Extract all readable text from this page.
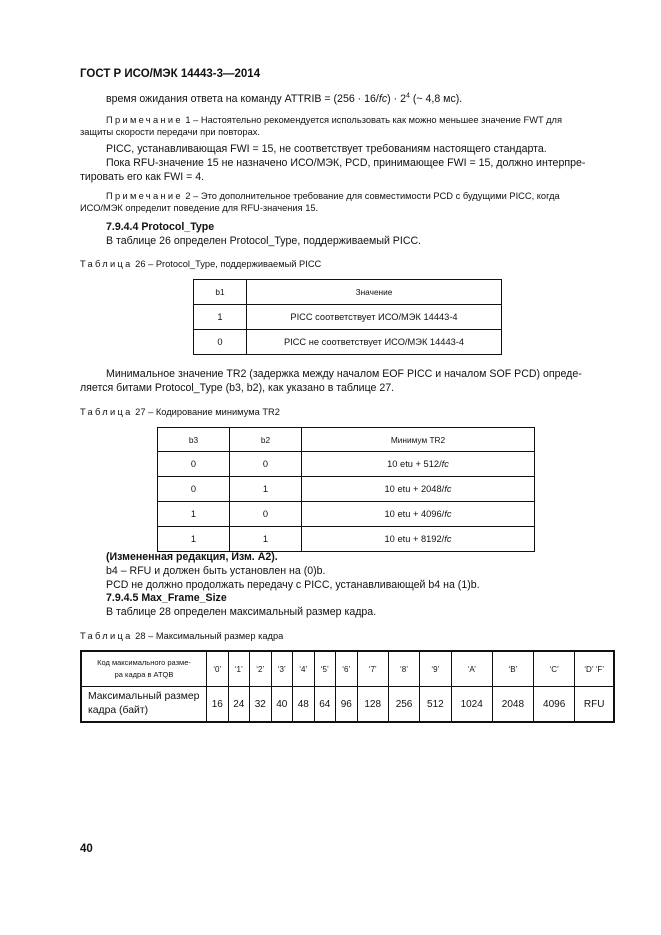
ГОСТ Р ИСО/МЭК 14443-3—2014
время ожидания ответа на команду ATTRIB = $(256 \cdot 16/fc) \cdot 2^4$ (~ 4,8 мс).
Примечание 1 – Настоятельно рекомендуется использовать как можно меньшее значение FWT для
защиты скорости передачи при повторах.
PICC, устанавливающая FWI = 15, не соответствует требованиям настоящего стандарта.
Пока RFU-значение 15 не назначено ИСО/МЭК, PCD, принимающее FWI = 15, должно интерпре-
тировать его как FWI = 4.
Примечание 2 – Это дополнительное требование для совместимости PCD с будущими PICC, когда
ИСО/МЭК определит поведение для RFU-значения 15.
7.9.4.4 Protocol_Type
В таблице 26 определен Protocol_Type, поддерживаемый PICC.
Таблица 26 – Protocol_Type, поддерживаемый PICC
b1	Значение
1	PICC соответствует ИСО/МЭК 14443-4
0	PICC не соответствует ИСО/МЭК 14443-4
Минимальное значение TR2 (задержка между началом EOF PICC и началом SOF PCD) опреде-
ляется битами Protocol_Type (b3, b2), как указано в таблице 27.
Таблица 27 – Кодирование минимума TR2
b3	b2	Минимум TR2
0	0	10 etu + 512/fc
0	1	10 etu + 2048/fc
1	0	10 etu + 4096/fc
1	1	10 etu + 8192/fc
(Измененная редакция, Изм. А2).
b4 – RFU и должен быть установлен на (0)b.
PCD не должно продолжать передачу с PICC, устанавливающей b4 на (1)b.
7.9.4.5 Max_Frame_Size
В таблице 28 определен максимальный размер кадра.
Таблица 28 – Максимальный размер кадра
Код максимального разме-
ра кадра в ATQB	‘0’	‘1’	‘2’	‘3’	‘4’	‘5’	‘6’	‘7’	‘8’	‘9’	‘A’	‘B’	‘C’	‘D’ ‘F’
Максимальный размер
кадра (байт)	16	24	32	40	48	64	96	128	256	512	1024	2048	4096	RFU
40
